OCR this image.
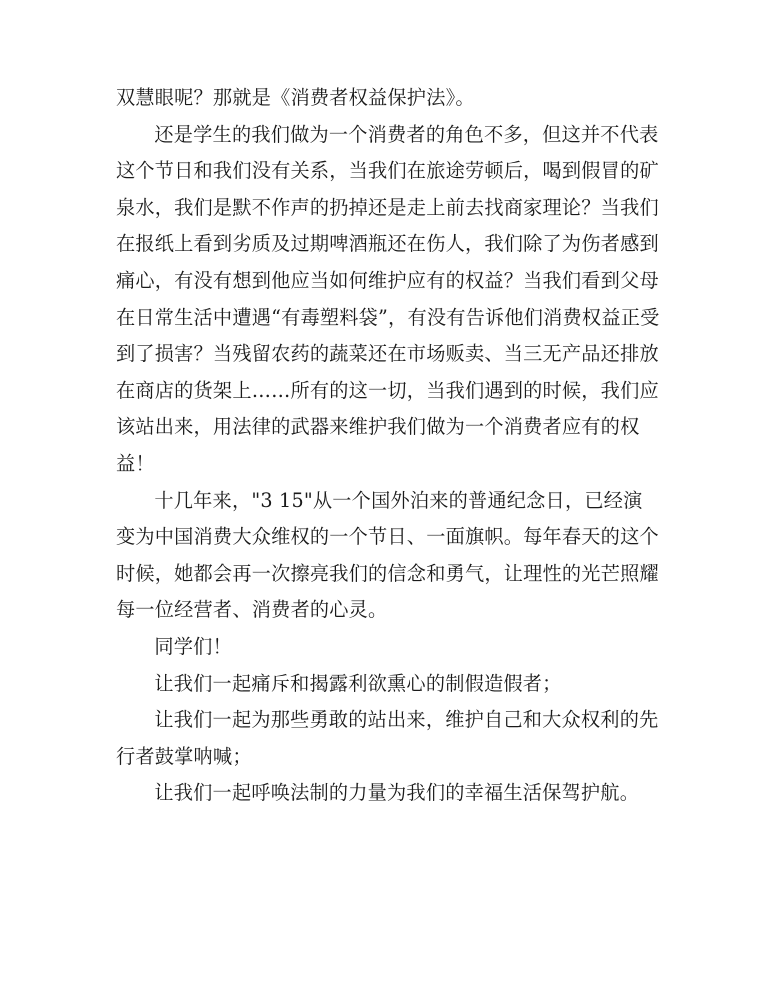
双慧眼呢？那就是《消费者权益保护法》。

还是学生的我们做为一个消费者的角色不多，但这并不代表这个节日和我们没有关系，当我们在旅途劳顿后，喝到假冒的矿泉水，我们是默不作声的扔掉还是走上前去找商家理论？当我们在报纸上看到劣质及过期啤酒瓶还在伤人，我们除了为伤者感到痛心，有没有想到他应当如何维护应有的权益？当我们看到父母在日常生活中遭遇“有毒塑料袋”，有没有告诉他们消费权益正受到了损害？当残留农药的蔬菜还在市场贩卖、当三无产品还排放在商店的货架上……所有的这一切，当我们遇到的时候，我们应该站出来，用法律的武器来维护我们做为一个消费者应有的权益！

十几年来，"3 15"从一个国外泊来的普通纪念日，已经演变为中国消费大众维权的一个节日、一面旗帜。每年春天的这个时候，她都会再一次擦亮我们的信念和勇气，让理性的光芒照耀每一位经营者、消费者的心灵。

同学们！

让我们一起痛斥和揭露利欲熏心的制假造假者；

让我们一起为那些勇敢的站出来，维护自己和大众权利的先行者鼓掌呐喊；

让我们一起呼唤法制的力量为我们的幸福生活保驾护航。
